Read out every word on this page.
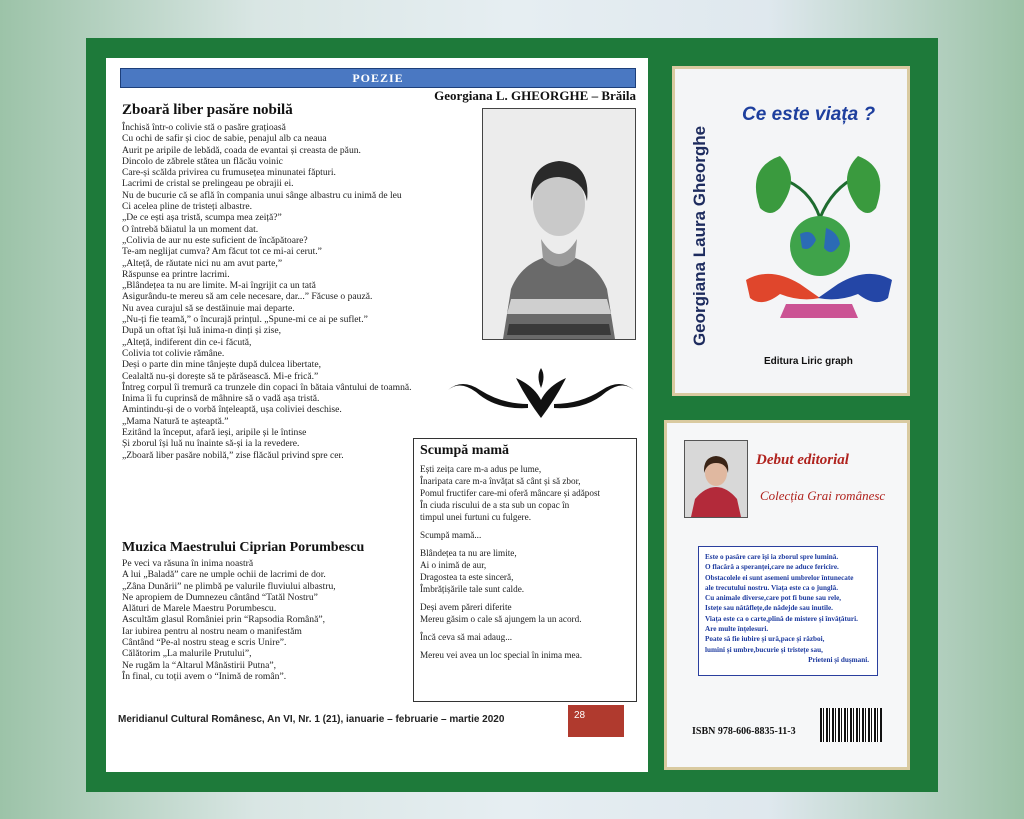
POEZIE
Georgiana L. GHEORGHE – Brăila
Zboară liber pasăre nobilă
Închisă într-o colivie stă o pasăre grațioasă
Cu ochi de safir și cioc de sabie, penajul alb ca neaua
Aurit pe aripile de lebădă, coada de evantai și creasta de păun.
Dincolo de zăbrele stătea un flăcău voinic
Care-și scălda privirea cu frumusețea minunatei făpturi.
Lacrimi de cristal se prelingeau pe obrajii ei.
Nu de bucurie că se află în compania unui sânge albastru cu inimă de leu
Ci acelea pline de tristeți albastre.
„De ce ești așa tristă, scumpa mea zeiță?”
O întrebă băiatul la un moment dat.
„Colivia de aur nu este suficient de încăpătoare?
Te-am neglijat cumva? Am făcut tot ce mi-ai cerut.”
„Alteță, de răutate nici nu am avut parte,”
Răspunse ea printre lacrimi.
„Blândețea ta nu are limite. M-ai îngrijit ca un tată
Asigurându-te mereu să am cele necesare, dar...” Făcuse o pauză.
Nu avea curajul să se destăinuie mai departe.
„Nu-ți fie teamă,” o încurajă prințul. „Spune-mi ce ai pe suflet.”
După un oftat își luă inima-n dinți și zise,
„Alteță, indiferent din ce-i făcută,
Colivia tot colivie rămâne.
Deși o parte din mine tânjește după dulcea libertate,
Cealaltă nu-și dorește să te părăsească. Mi-e frică.”
Întreg corpul îi tremură ca trunzele din copaci în bătaia vântului de toamnă.
Inima îi fu cuprinsă de mâhnire să o vadă așa tristă.
Amintindu-și de o vorbă înțeleaptă, ușa coliviei deschise.
„Mama Natură te așteaptă.”
Ezitând la început, afară ieși, aripile și le întinse
Și zborul își luă nu înainte să-și ia la revedere.
„Zboară liber pasăre nobilă,” zise flăcăul privind spre cer.
Muzica Maestrului Ciprian Porumbescu
Pe veci va răsuna în inima noastră
A lui „Baladă” care ne umple ochii de lacrimi de dor.
„Zâna Dunării” ne plimbă pe valurile fluviului albastru,
Ne apropiem de Dumnezeu cântând “Tatăl Nostru”
Alături de Marele Maestru Porumbescu.
Ascultăm glasul României prin “Rapsodia Română”,
Iar iubirea pentru al nostru neam o manifestăm
Cântând “Pe-al nostru steag e scris Unire”.
Călătorim „La malurile Prutului”,
Ne rugăm la “Altarul Mânăstirii Putna”,
În final, cu toții avem o “Inimă de român”.
Scumpă mamă
Ești zeița care m-a adus pe lume,
Înaripata care m-a învățat să cânt și să zbor,
Pomul fructifer care-mi oferă mâncare și adăpost
În ciuda riscului de a sta sub un copac în
timpul unei furtuni cu fulgere.
Scumpă mamă...
Blândețea ta nu are limite,
Ai o inimă de aur,
Dragostea ta este sinceră,
Îmbrățișările tale sunt calde.
Deși avem păreri diferite
Mereu găsim o cale să ajungem la un acord.
Încă ceva să mai adaug...
Mereu vei avea un loc special în inima mea.
Meridianul Cultural Românesc, An VI, Nr. 1 (21), ianuarie – februarie – martie 2020	28
Georgiana Laura Gheorghe
Ce este viața ?
Editura Liric graph
Debut editorial
Colecția Grai românesc
Este o pasăre care își ia zborul spre lumină.
O flacără a speranței,care ne aduce fericire.
Obstacolele ei sunt asemeni umbrelor întunecate
ale trecutului nostru. Viața este ca o junglă.
Cu animale diverse,care pot fi bune sau rele,
Istețe sau nătăflețe,de nădejde sau inutile.
Viața este ca o carte,plină de mistere și învățături.
Are multe înțelesuri.
Poate să fie iubire și ură,pace și război,
lumini și umbre,bucurie și tristețe sau,
Prieteni și dușmani.
ISBN 978-606-8835-11-3
